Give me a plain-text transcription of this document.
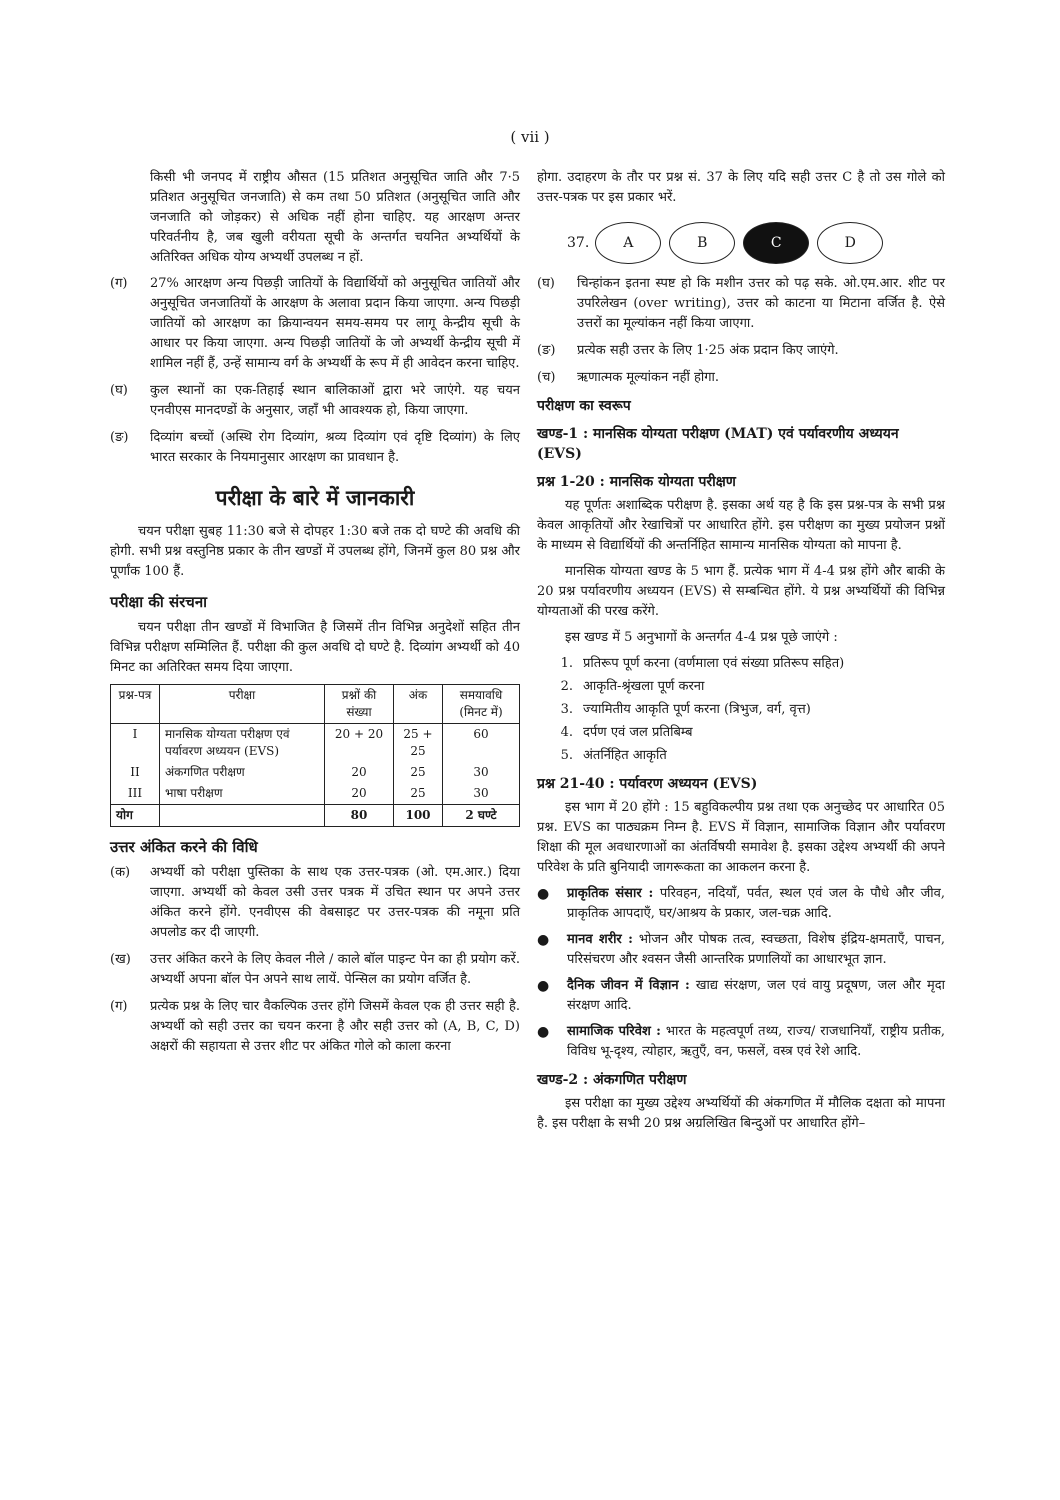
( vii )

किसी भी जनपद में राष्ट्रीय औसत (15 प्रतिशत अनुसूचित जाति और 7·5 प्रतिशत अनुसूचित जनजाति) से कम तथा 50 प्रतिशत (अनुसूचित जाति और जनजाति को जोड़कर) से अधिक नहीं होना चाहिए. यह आरक्षण अन्तर परिवर्तनीय है, जब खुली वरीयता सूची के अन्तर्गत चयनित अभ्यर्थियों के अतिरिक्त अधिक योग्य अभ्यर्थी उपलब्ध न हों.

(ग)	27% आरक्षण अन्य पिछड़ी जातियों के विद्यार्थियों को अनुसूचित जातियों और अनुसूचित जनजातियों के आरक्षण के अलावा प्रदान किया जाएगा. अन्य पिछड़ी जातियों को आरक्षण का क्रियान्वयन समय-समय पर लागू केन्द्रीय सूची के आधार पर किया जाएगा. अन्य पिछड़ी जातियों के जो अभ्यर्थी केन्द्रीय सूची में शामिल नहीं हैं, उन्हें सामान्य वर्ग के अभ्यर्थी के रूप में ही आवेदन करना चाहिए.
(घ)	कुल स्थानों का एक-तिहाई स्थान बालिकाओं द्वारा भरे जाएंगे. यह चयन एनवीएस मानदण्डों के अनुसार, जहाँ भी आवश्यक हो, किया जाएगा.
(ङ)	दिव्यांग बच्चों (अस्थि रोग दिव्यांग, श्रव्य दिव्यांग एवं दृष्टि दिव्यांग) के लिए भारत सरकार के नियमानुसार आरक्षण का प्रावधान है.
परीक्षा के बारे में जानकारी

चयन परीक्षा सुबह 11:30 बजे से दोपहर 1:30 बजे तक दो घण्टे की अवधि की होगी. सभी प्रश्न वस्तुनिष्ठ प्रकार के तीन खण्डों में उपलब्ध होंगे, जिनमें कुल 80 प्रश्न और पूर्णांक 100 हैं.

परीक्षा की संरचना

चयन परीक्षा तीन खण्डों में विभाजित है जिसमें तीन विभिन्न अनुदेशों सहित तीन विभिन्न परीक्षण सम्मिलित हैं. परीक्षा की कुल अवधि दो घण्टे है. दिव्यांग अभ्यर्थी को 40 मिनट का अतिरिक्त समय दिया जाएगा.

प्रश्न-पत्र	परीक्षा	प्रश्नों की संख्या	अंक	समयावधि (मिनट में)
I	मानसिक योग्यता परीक्षण एवं पर्यावरण अध्ययन (EVS)	20 + 20	25 + 25	60
II	अंकगणित परीक्षण	20	25	30
III	भाषा परीक्षण	20	25	30
योग		80	100	2 घण्टे
उत्तर अंकित करने की विधि
(क)	अभ्यर्थी को परीक्षा पुस्तिका के साथ एक उत्तर-पत्रक (ओ. एम.आर.) दिया जाएगा. अभ्यर्थी को केवल उसी उत्तर पत्रक में उचित स्थान पर अपने उत्तर अंकित करने होंगे. एनवीएस की वेबसाइट पर उत्तर-पत्रक की नमूना प्रति अपलोड कर दी जाएगी.
(ख)	उत्तर अंकित करने के लिए केवल नीले / काले बॉल पाइन्ट पेन का ही प्रयोग करें. अभ्यर्थी अपना बॉल पेन अपने साथ लायें. पेन्सिल का प्रयोग वर्जित है.
(ग)	प्रत्येक प्रश्न के लिए चार वैकल्पिक उत्तर होंगे जिसमें केवल एक ही उत्तर सही है. अभ्यर्थी को सही उत्तर का चयन करना है और सही उत्तर को (A, B, C, D) अक्षरों की सहायता से उत्तर शीट पर अंकित गोले को काला करना

होगा. उदाहरण के तौर पर प्रश्न सं. 37 के लिए यदि सही उत्तर C है तो उस गोले को उत्तर-पत्रक पर इस प्रकार भरें.

37.	A	B	C	D
(घ)	चिन्हांकन इतना स्पष्ट हो कि मशीन उत्तर को पढ़ सके. ओ.एम.आर. शीट पर उपरिलेखन (over writing), उत्तर को काटना या मिटाना वर्जित है. ऐसे उत्तरों का मूल्यांकन नहीं किया जाएगा.
(ङ)	प्रत्येक सही उत्तर के लिए 1·25 अंक प्रदान किए जाएंगे.
(च)	ऋणात्मक मूल्यांकन नहीं होगा.
परीक्षण का स्वरूप
खण्ड-1 : मानसिक योग्यता परीक्षण (MAT) एवं पर्यावरणीय अध्ययन (EVS)
प्रश्न 1-20 : मानसिक योग्यता परीक्षण

यह पूर्णतः अशाब्दिक परीक्षण है. इसका अर्थ यह है कि इस प्रश्न-पत्र के सभी प्रश्न केवल आकृतियों और रेखाचित्रों पर आधारित होंगे. इस परीक्षण का मुख्य प्रयोजन प्रश्नों के माध्यम से विद्यार्थियों की अन्तर्निहित सामान्य मानसिक योग्यता को मापना है.

मानसिक योग्यता खण्ड के 5 भाग हैं. प्रत्येक भाग में 4-4 प्रश्न होंगे और बाकी के 20 प्रश्न पर्यावरणीय अध्ययन (EVS) से सम्बन्धित होंगे. ये प्रश्न अभ्यर्थियों की विभिन्न योग्यताओं की परख करेंगे.

इस खण्ड में 5 अनुभागों के अन्तर्गत 4-4 प्रश्न पूछे जाएंगे :

1. प्रतिरूप पूर्ण करना (वर्णमाला एवं संख्या प्रतिरूप सहित)
2. आकृति-श्रृंखला पूर्ण करना
3. ज्यामितीय आकृति पूर्ण करना (त्रिभुज, वर्ग, वृत्त)
4. दर्पण एवं जल प्रतिबिम्ब
5. अंतर्निहित आकृति
प्रश्न 21-40 : पर्यावरण अध्ययन (EVS)

इस भाग में 20 होंगे : 15 बहुविकल्पीय प्रश्न तथा एक अनुच्छेद पर आधारित 05 प्रश्न. EVS का पाठ्यक्रम निम्न है. EVS में विज्ञान, सामाजिक विज्ञान और पर्यावरण शिक्षा की मूल अवधारणाओं का अंतर्विषयी समावेश है. इसका उद्देश्य अभ्यर्थी की अपने परिवेश के प्रति बुनियादी जागरूकता का आकलन करना है.

●	प्राकृतिक संसार : परिवहन, नदियाँ, पर्वत, स्थल एवं जल के पौधे और जीव, प्राकृतिक आपदाएँ, घर/आश्रय के प्रकार, जल-चक्र आदि.
●	मानव शरीर : भोजन और पोषक तत्व, स्वच्छता, विशेष इंद्रिय-क्षमताएँ, पाचन, परिसंचरण और श्वसन जैसी आन्तरिक प्रणालियों का आधारभूत ज्ञान.
●	दैनिक जीवन में विज्ञान : खाद्य संरक्षण, जल एवं वायु प्रदूषण, जल और मृदा संरक्षण आदि.
●	सामाजिक परिवेश : भारत के महत्वपूर्ण तथ्य, राज्य/ राजधानियाँ, राष्ट्रीय प्रतीक, विविध भू-दृश्य, त्योहार, ऋतुएँ, वन, फसलें, वस्त्र एवं रेशे आदि.
खण्ड-2 : अंकगणित परीक्षण

इस परीक्षा का मुख्य उद्देश्य अभ्यर्थियों की अंकगणित में मौलिक दक्षता को मापना है. इस परीक्षा के सभी 20 प्रश्न अग्रलिखित बिन्दुओं पर आधारित होंगे–
